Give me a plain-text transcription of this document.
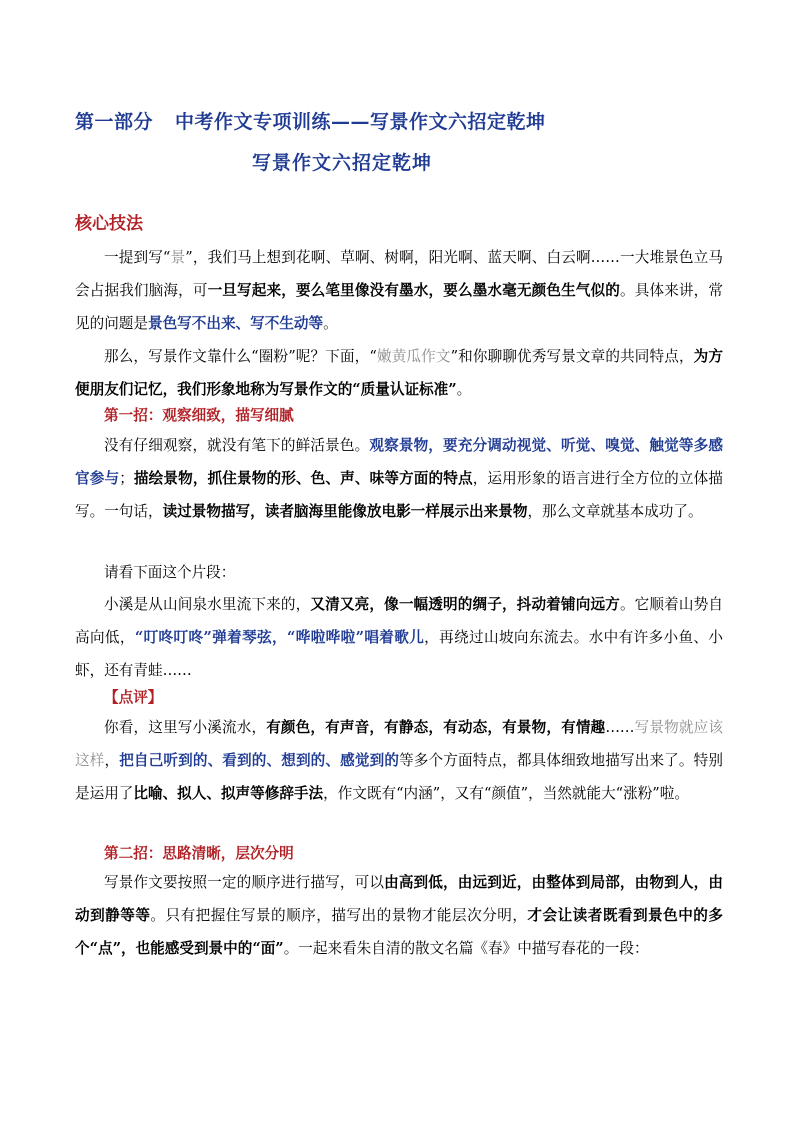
第一部分 中考作文专项训练——写景作文六招定乾坤
写景作文六招定乾坤
核心技法
一提到写“景”，我们马上想到花啊、草啊、树啊，阳光啊、蓝天啊、白云啊……一大堆景色立马会占据我们脑海，可一旦写起来，要么笔里像没有墨水，要么墨水毫无颜色生气似的。具体来讲，常见的问题是景色写不出来、写不生动等。
那么，写景作文靠什么“圈粉”呢？下面，“嫩黄瓜作文”和你聊聊优秀写景文章的共同特点，为方便朋友们记忆，我们形象地称为写景作文的“质量认证标准”。
第一招：观察细致，描写细腻
没有仔细观察，就没有笔下的鲜活景色。观察景物，要充分调动视觉、听觉、嗅觉、触觉等多感官参与；描绘景物，抓住景物的形、色、声、味等方面的特点，运用形象的语言进行全方位的立体描写。一句话，读过景物描写，读者脑海里能像放电影一样展示出来景物，那么文章就基本成功了。
请看下面这个片段：
小溪是从山间泉水里流下来的，又清又亮，像一幅透明的绸子，抖动着铺向远方。它顺着山势自高向低，“叮咚叮咚”弹着琴弦，“哗啦哗啦”唱着歌儿，再绕过山坡向东流去。水中有许多小鱼、小虾，还有青蛙……
【点评】
你看，这里写小溪流水，有颜色，有声音，有静态，有动态，有景物，有情趣……写景物就应该这样，把自己听到的、看到的、想到的、感觉到的等多个方面特点，都具体细致地描写出来了。特别是运用了比喻、拟人、拟声等修辞手法，作文既有“内涵”，又有“颜值”，当然就能大“涨粉”啦。
第二招：思路清晰，层次分明
写景作文要按照一定的顺序进行描写，可以由高到低，由远到近，由整体到局部，由物到人，由动到静等等。只有把握住写景的顺序，描写出的景物才能层次分明，才会让读者既看到景色中的多个“点”，也能感受到景中的“面”。一起来看朱自清的散文名篇《春》中描写春花的一段：
